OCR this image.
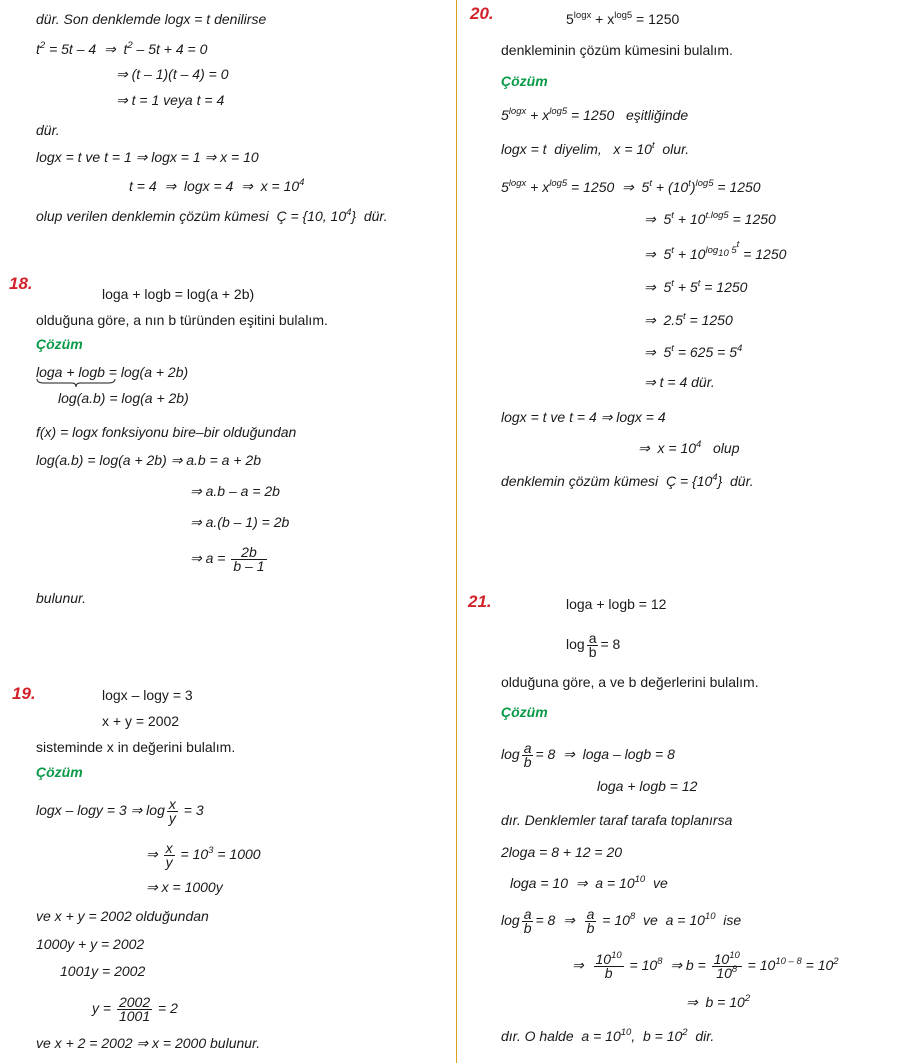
dür. Son denklemde logx = t denilirse
$t^2 = 5t - 4$  ⇒  $t^2 - 5t + 4 = 0$
⇒ (t – 1)(t – 4) = 0
⇒ t = 1 veya t = 4
dür.
logx = t ve t = 1 ⇒ logx = 1 ⇒ x = 10
t = 4  ⇒  logx = 4  ⇒  $x = 10^4$
olup verilen denklemin çözüm kümesi  Ç = {10, $10^4$}  dür.
18.
loga + logb = log(a + 2b)
olduğuna göre, a nın b türünden eşitini bulalım.
Çözüm
loga + logb = log(a + 2b)
log(a.b) = log(a + 2b)
f(x) = logx fonksiyonu bire–bir olduğundan
log(a.b) = log(a + 2b) ⇒ a.b = a + 2b
⇒ a.b – a = 2b
⇒ a.(b – 1) = 2b
⇒ $a = \frac{2b}{b - 1}$
bulunur.
19.	logx – logy = 3
x + y = 2002
sisteminde x in değerini bulalım.
Çözüm
logx – logy = 3 ⇒ $\log \frac{x}{y} = 3$
⇒ $\frac{x}{y} = 10^3 = 1000$
⇒ x = 1000y
ve x + y = 2002 olduğundan
1000y + y = 2002
1001y = 2002
$y = \frac{2002}{1001} = 2$
ve x + 2 = 2002 ⇒ x = 2000 bulunur.
20.	$5^{logx} + x^{log5} = 1250$
denkleminin çözüm kümesini bulalım.
Çözüm
$5^{logx} + x^{log5} = 1250$   eşitliğinde
logx = t  diyelim,   $x = 10^t$  olur.
$5^{logx} + x^{log5} = 1250$  ⇒  $5^t + (10^t)^{log5} = 1250$
⇒  $5^t + 10^{t.log5} = 1250$
⇒  $5^t + 10^{log_{10} 5^t} = 1250$
⇒  $5^t + 5^t = 1250$
⇒  $2.5^t = 1250$
⇒  $5^t = 625 = 5^4$
⇒ t = 4 dür.
logx = t ve t = 4 ⇒ logx = 4
⇒  $x = 10^4$   olup
denklemin çözüm kümesi  Ç = $\{10^4\}$  dür.
21.	loga + logb = 12
$\log \frac{a}{b} = 8$
olduğuna göre, a ve b değerlerini bulalım.
Çözüm
$\log \frac{a}{b} = 8$  ⇒  loga – logb = 8
loga + logb = 12
dır. Denklemler taraf tarafa toplanırsa
2loga = 8 + 12 = 20
loga = 10  ⇒  $a = 10^{10}$  ve
$\log \frac{a}{b} = 8$  ⇒ $\frac{a}{b} = 10^8$  ve  $a = 10^{10}$  ise
⇒ $\frac{10^{10}}{b} = 10^8$  ⇒ $b = \frac{10^{10}}{10^8} = 10^{10 - 8} = 10^2$
⇒  $b = 10^2$
dır. O halde  $a = 10^{10}$,  $b = 10^2$  dir.
